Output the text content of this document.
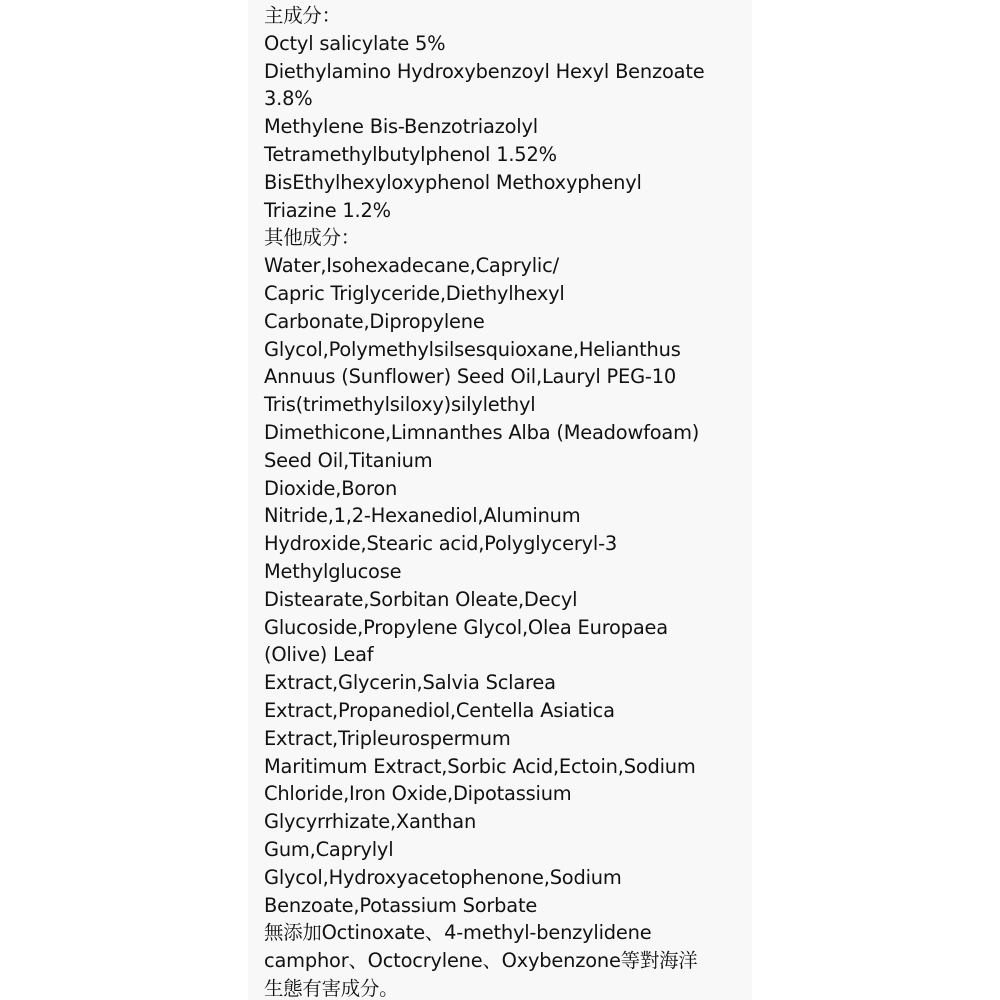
主成分：
Octyl salicylate 5%
Diethylamino Hydroxybenzoyl Hexyl Benzoate
3.8%
Methylene Bis-Benzotriazolyl
Tetramethylbutylphenol 1.52%
BisEthylhexyloxyphenol Methoxyphenyl
Triazine 1.2%
其他成分：
Water,Isohexadecane,Caprylic/
Capric Triglyceride,Diethylhexyl
Carbonate,Dipropylene
Glycol,Polymethylsilsesquioxane,Helianthus
Annuus (Sunflower) Seed Oil,Lauryl PEG-10
Tris(trimethylsiloxy)silylethyl
Dimethicone,Limnanthes Alba (Meadowfoam)
Seed Oil,Titanium
Dioxide,Boron
Nitride,1,2-Hexanediol,Aluminum
Hydroxide,Stearic acid,Polyglyceryl-3
Methylglucose
Distearate,Sorbitan Oleate,Decyl
Glucoside,Propylene Glycol,Olea Europaea
(Olive) Leaf
Extract,Glycerin,Salvia Sclarea
Extract,Propanediol,Centella Asiatica
Extract,Tripleurospermum
Maritimum Extract,Sorbic Acid,Ectoin,Sodium
Chloride,Iron Oxide,Dipotassium
Glycyrrhizate,Xanthan
Gum,Caprylyl
Glycol,Hydroxyacetophenone,Sodium
Benzoate,Potassium Sorbate
無添加Octinoxate、4-methyl-benzylidene
camphor、Octocrylene、Oxybenzone等對海洋
生態有害成分。
